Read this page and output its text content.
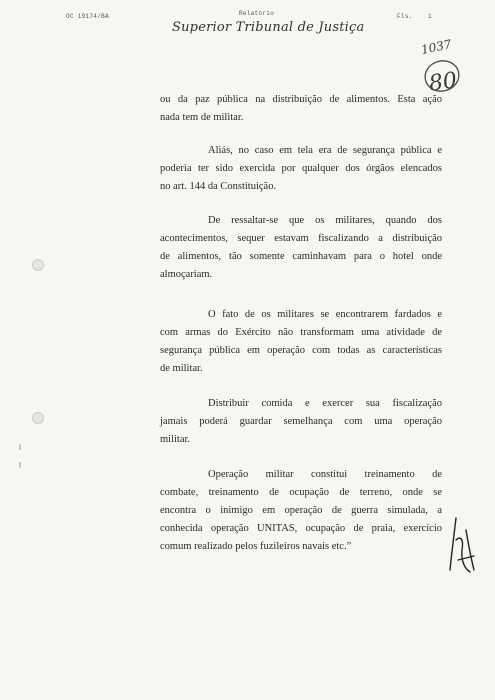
OC 19174/BA	Relatório	Fls.	1
Superior Tribunal de Justiça
1037
80
ou da paz pública na distribuição de alimentos. Esta ação
nada tem de militar.
Aliás, no caso em tela era de segurança pública e
poderia ter sido exercida por qualquer dos órgãos elencados
no art. 144 da Constituição.
De ressaltar-se que os militares, quando dos
acontecimentos, sequer estavam fiscalizando a distribuição
de alimentos, tão somente caminhavam para o hotel onde
almoçariam.
O fato de os militares se encontrarem fardados e
com armas do Exército não transformam uma atividade de
segurança pública em operação com todas as características
de militar.
Distribuir comida e exercer sua fiscalização
jamais poderá guardar semelhança com uma operação
militar.
Operação militar constitui treinamento de
combate, treinamento de ocupação de terreno, onde se
encontra o inimigo em operação de guerra simulada, a
conhecida operação UNITAS, ocupação de praia, exercício
comum realizado pelos fuzileiros navais etc.”
